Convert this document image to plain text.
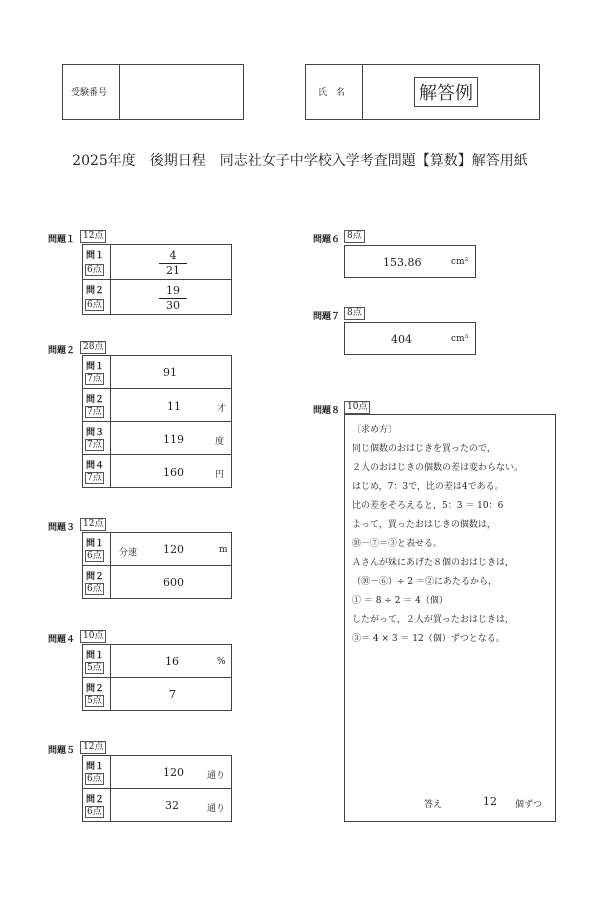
受験番号	氏　名	解答例
2025年度　後期日程　同志社女子中学校入学考査問題【算数】解答用紙
問題１ 12点
問１
6点
4
21
問２
6点
19
30
問題２ 28点
問１
7点	91
問２
7点	11	才
問３
7点	119	度
問４
7点	160	円
問題３ 12点
問１
6点 分速 120	m
問２
6点	600
問題４ 10点
問１
5点	16	%
問２
5点	7
問題５ 12点
問１
6点	120	通り
問２
6点	32	通り
問題６ 8点
153.86	cm²
問題７ 8点
404	cm³
問題８ 10点
〔求め方〕
同じ個数のおはじきを買ったので，
２人のおはじきの個数の差は変わらない。
はじめ，7：3で，比の差は4である。
比の差をそろえると，5：3 ＝ 10：6
よって，買ったおはじきの個数は，
⑩－⑦＝③と表せる。
Ａさんが妹にあげた８個のおはじきは，
（⑩－⑥）÷ 2 ＝②にあたるから，
① ＝ 8 ÷ 2 ＝ 4（個）
したがって，２人が買ったおはじきは，
③＝ 4 × 3 ＝ 12（個）ずつとなる。
答え	12 個ずつ
